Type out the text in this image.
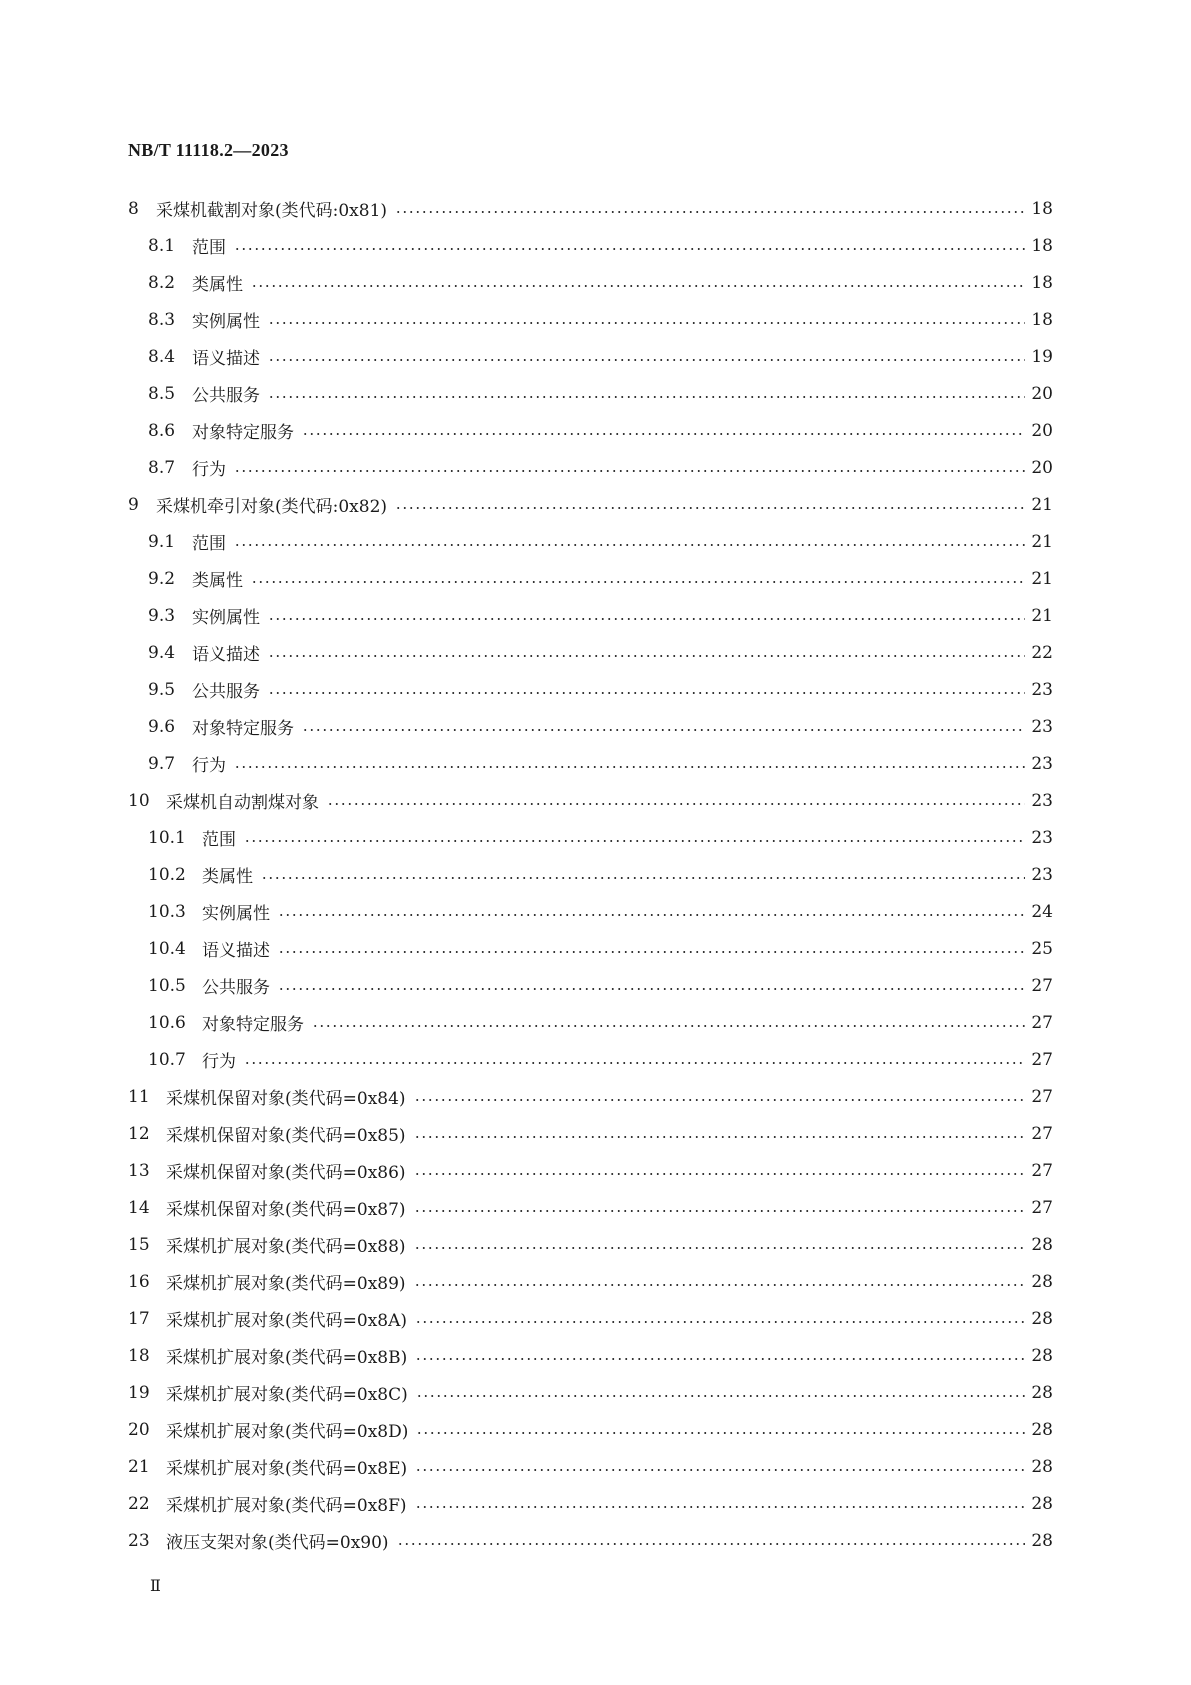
NB/T 11118.2—2023
8	采煤机截割对象(类代码:0x81)	18
8.1 范围	18
8.2 类属性	18
8.3 实例属性	18
8.4 语义描述	19
8.5 公共服务	20
8.6 对象特定服务	20
8.7 行为	20
9	采煤机牵引对象(类代码:0x82)	21
9.1 范围	21
9.2 类属性	21
9.3 实例属性	21
9.4 语义描述	22
9.5 公共服务	23
9.6 对象特定服务	23
9.7 行为	23
10 采煤机自动割煤对象	23
10.1 范围	23
10.2 类属性	23
10.3 实例属性	24
10.4 语义描述	25
10.5 公共服务	27
10.6 对象特定服务	27
10.7 行为	27
11 采煤机保留对象(类代码=0x84)	27
12 采煤机保留对象(类代码=0x85)	27
13 采煤机保留对象(类代码=0x86)	27
14 采煤机保留对象(类代码=0x87)	27
15 采煤机扩展对象(类代码=0x88)	28
16 采煤机扩展对象(类代码=0x89)	28
17 采煤机扩展对象(类代码=0x8A)	28
18 采煤机扩展对象(类代码=0x8B)	28
19 采煤机扩展对象(类代码=0x8C)	28
20 采煤机扩展对象(类代码=0x8D)	28
21 采煤机扩展对象(类代码=0x8E)	28
22 采煤机扩展对象(类代码=0x8F)	28
23 液压支架对象(类代码=0x90)	28
Ⅱ
